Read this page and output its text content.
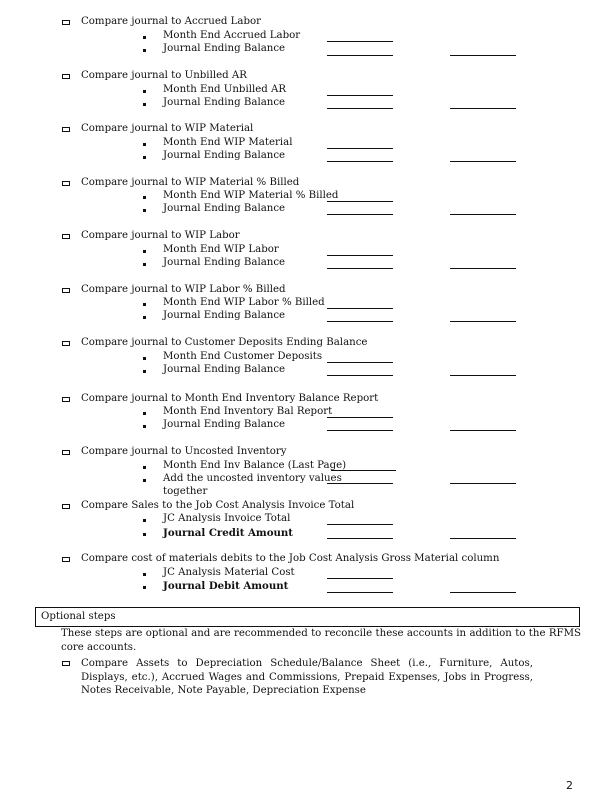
Compare journal to Accrued Labor
Month End Accrued Labor
Journal Ending Balance
Compare journal to Unbilled AR
Month End Unbilled AR
Journal Ending Balance
Compare journal to WIP Material
Month End WIP Material
Journal Ending Balance
Compare journal to WIP Material % Billed
Month End WIP Material % Billed
Journal Ending Balance
Compare journal to WIP Labor
Month End WIP Labor
Journal Ending Balance
Compare journal to WIP Labor % Billed
Month End WIP Labor % Billed
Journal Ending Balance
Compare journal to Customer Deposits Ending Balance
Month End Customer Deposits
Journal Ending Balance
Compare journal to Month End Inventory Balance Report
Month End Inventory Bal Report
Journal Ending Balance
Compare journal to Uncosted Inventory
Month End Inv Balance (Last Page)
Add the uncosted inventory values
together
Compare Sales to the Job Cost Analysis Invoice Total
JC Analysis Invoice Total
Journal Credit Amount
Compare cost of materials debits to the Job Cost Analysis Gross Material column
JC Analysis Material Cost
Journal Debit Amount
Optional steps
These steps are optional and are recommended to reconcile these accounts in addition to the RFMS core accounts.
Compare Assets to Depreciation Schedule/Balance Sheet (i.e., Furniture, Autos, Displays, etc.), Accrued Wages and Commissions, Prepaid Expenses, Jobs in Progress, Notes Receivable, Note Payable, Depreciation Expense
2
